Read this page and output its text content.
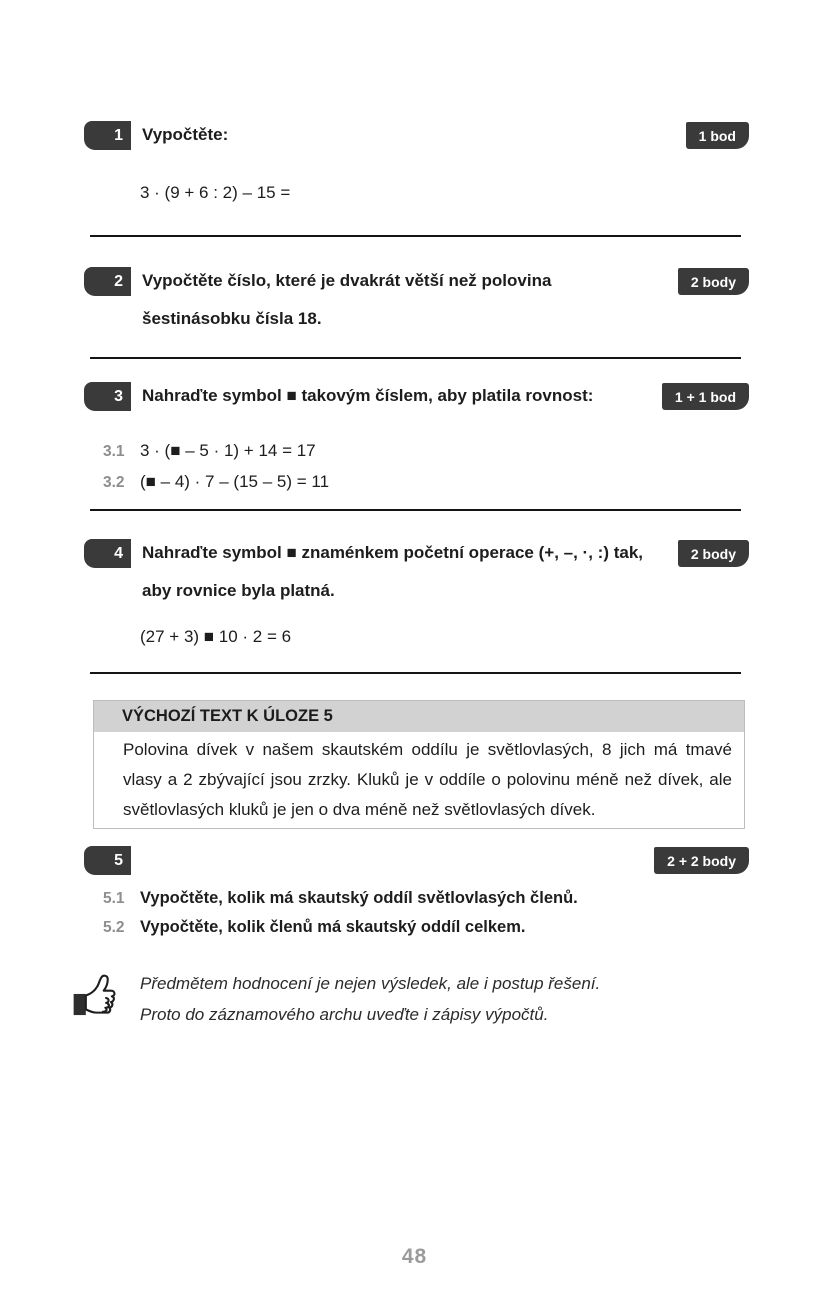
1	Vypočtěte:	1 bod
3 · (9 + 6 : 2) – 15 =
2	Vypočtěte číslo, které je dvakrát větší než polovina šestinásobku čísla 18.
2 body
3	Nahraďte symbol ■ takovým číslem, aby platila rovnost:	1 + 1 bod
3.1 3 · (■ – 5 · 1) + 14 = 17
3.2 (■ – 4) · 7 – (15 – 5) = 11
4	Nahraďte symbol ■ znaménkem početní operace (+, –, ·, :) tak, aby rovnice byla platná.
2 body
(27 + 3) ■ 10 · 2 = 6
VÝCHOZÍ TEXT K ÚLOZE 5
Polovina dívek v našem skautském oddílu je světlovlasých, 8 jich má tmavé vlasy a 2 zbývající jsou zrzky. Kluků je v oddíle o polovinu méně než dívek, ale světlovlasých kluků je jen o dva méně než světlovlasých dívek.
5	2 + 2 body
5.1 Vypočtěte, kolik má skautský oddíl světlovlasých členů.
5.2 Vypočtěte, kolik členů má skautský oddíl celkem.
Předmětem hodnocení je nejen výsledek, ale i postup řešení.
Proto do záznamového archu uveďte i zápisy výpočtů.
48
